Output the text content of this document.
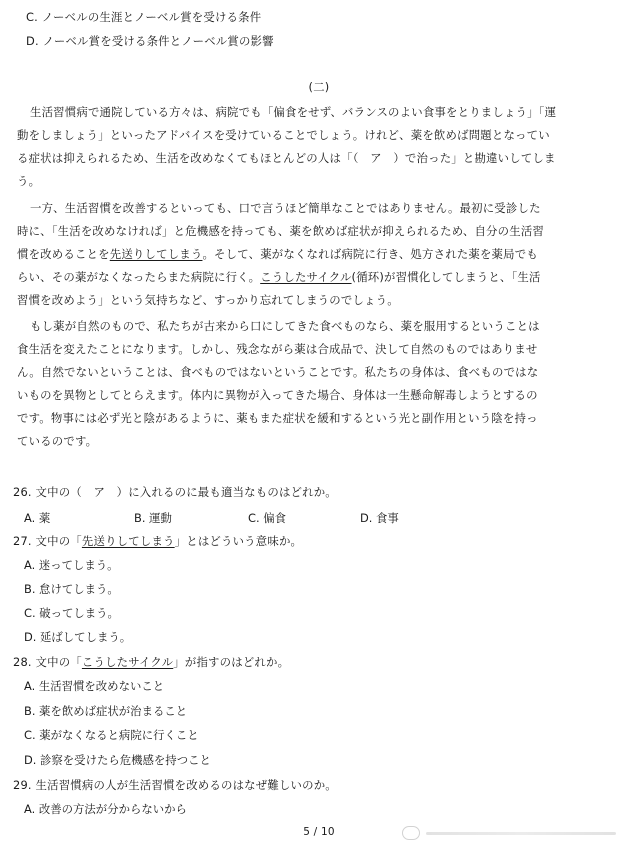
C. ノーベルの生涯とノーベル賞を受ける条件
D. ノーベル賞を受ける条件とノーベル賞の影響
(二)
生活習慣病で通院している方々は、病院でも「偏食をせず、バランスのよい食事をとりましょう」「運
動をしましょう」といったアドバイスを受けていることでしょう。けれど、薬を飲めば問題となってい
る症状は抑えられるため、生活を改めなくてもほとんどの人は「（　ア　）で治った」と勘違いしてしま
う。
一方、生活習慣を改善するといっても、口で言うほど簡単なことではありません。最初に受診した
時に、「生活を改めなければ」と危機感を持っても、薬を飲めば症状が抑えられるため、自分の生活習
慣を改めることを先送りしてしまう。そして、薬がなくなれば病院に行き、処方された薬を薬局でも
らい、その薬がなくなったらまた病院に行く。こうしたサイクル(循环)が習慣化してしまうと、「生活
習慣を改めよう」という気持ちなど、すっかり忘れてしまうのでしょう。
もし薬が自然のもので、私たちが古来から口にしてきた食べものなら、薬を服用するということは
食生活を変えたことになります。しかし、残念ながら薬は合成品で、決して自然のものではありませ
ん。自然でないということは、食べものではないということです。私たちの身体は、食べものではな
いものを異物としてとらえます。体内に異物が入ってきた場合、身体は一生懸命解毒しようとするの
です。物事には必ず光と陰があるように、薬もまた症状を緩和するという光と副作用という陰を持っ
ているのです。
26. 文中の（　ア　）に入れるのに最も適当なものはどれか。
A. 薬	B. 運動	C. 偏食	D. 食事
27. 文中の「先送りしてしまう」とはどういう意味か。
A. 迷ってしまう。
B. 怠けてしまう。
C. 破ってしまう。
D. 延ばしてしまう。
28. 文中の「こうしたサイクル」が指すのはどれか。
A. 生活習慣を改めないこと
B. 薬を飲めば症状が治まること
C. 薬がなくなると病院に行くこと
D. 診察を受けたら危機感を持つこと
29. 生活習慣病の人が生活習慣を改めるのはなぜ難しいのか。
A. 改善の方法が分からないから
5 / 10
